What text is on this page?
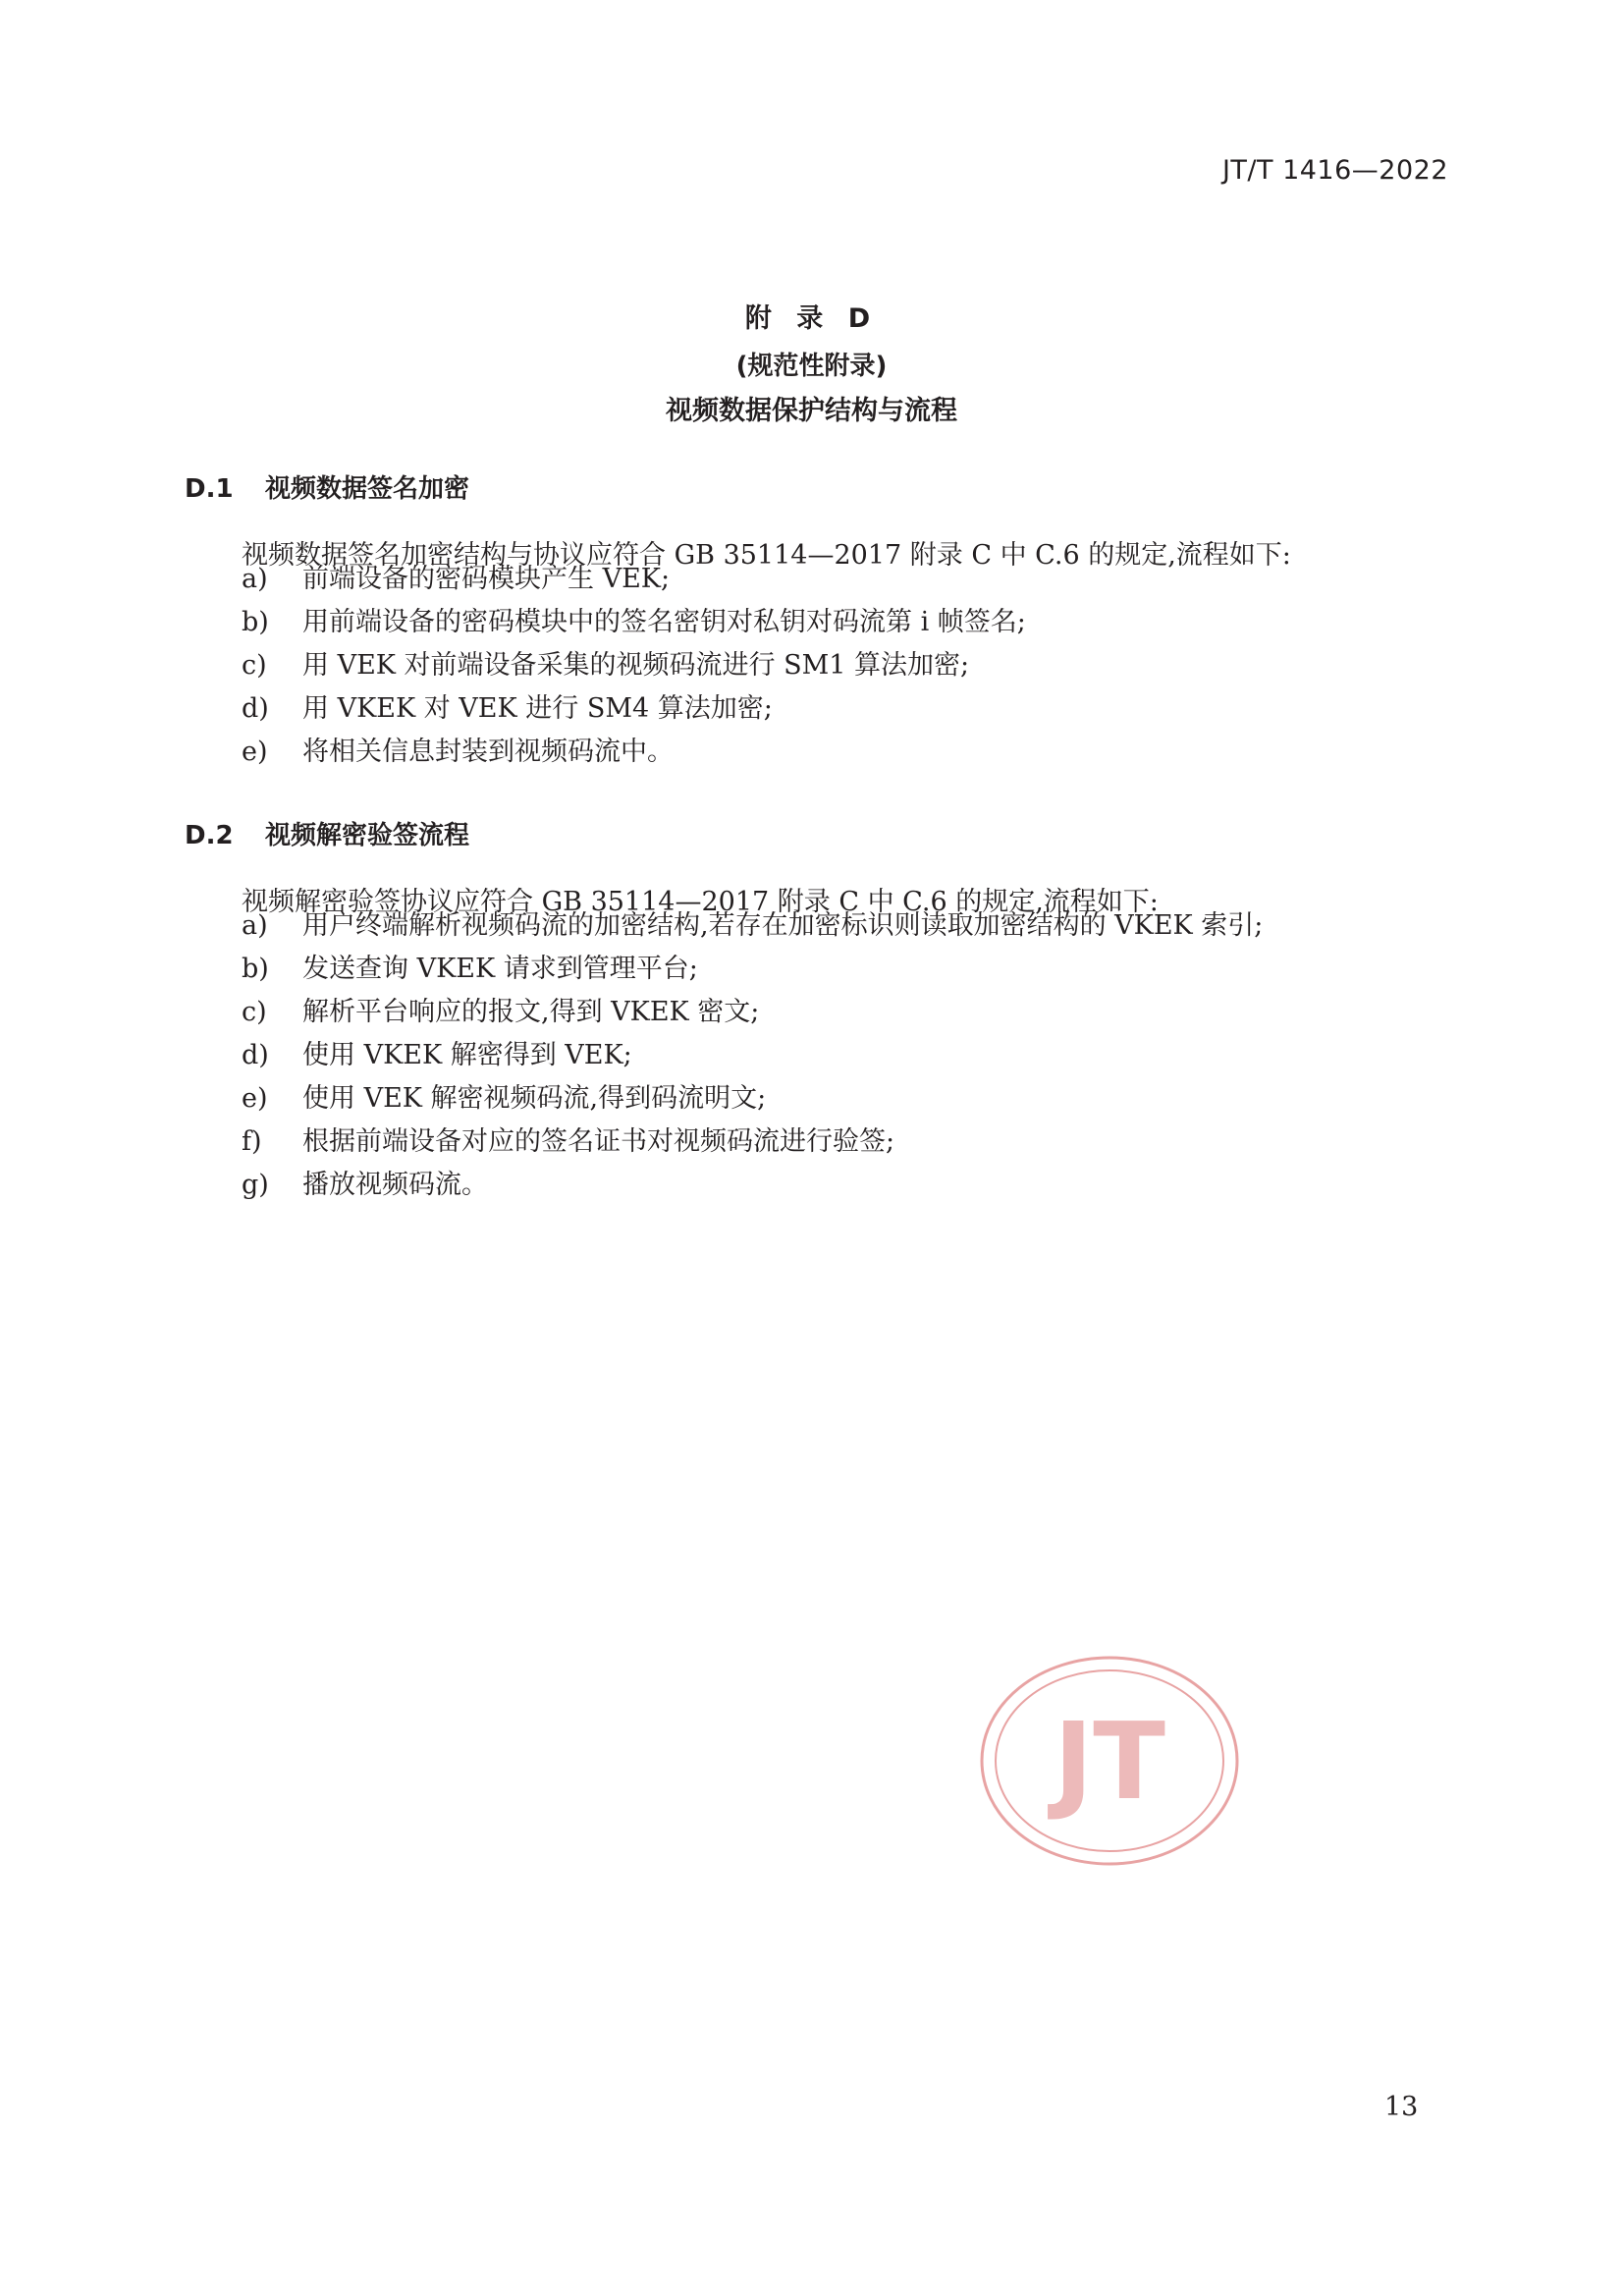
JT/T 1416—2022
附 录 D
(规范性附录)
视频数据保护结构与流程
D.1 视频数据签名加密
视频数据签名加密结构与协议应符合 GB 35114—2017 附录 C 中 C.6 的规定,流程如下:
a) 前端设备的密码模块产生 VEK;
b) 用前端设备的密码模块中的签名密钥对私钥对码流第 i 帧签名;
c) 用 VEK 对前端设备采集的视频码流进行 SM1 算法加密;
d) 用 VKEK 对 VEK 进行 SM4 算法加密;
e) 将相关信息封装到视频码流中。
D.2 视频解密验签流程
视频解密验签协议应符合 GB 35114—2017 附录 C 中 C.6 的规定,流程如下:
a) 用户终端解析视频码流的加密结构,若存在加密标识则读取加密结构的 VKEK 索引;
b) 发送查询 VKEK 请求到管理平台;
c) 解析平台响应的报文,得到 VKEK 密文;
d) 使用 VKEK 解密得到 VEK;
e) 使用 VEK 解密视频码流,得到码流明文;
f) 根据前端设备对应的签名证书对视频码流进行验签;
g) 播放视频码流。
JT
13
